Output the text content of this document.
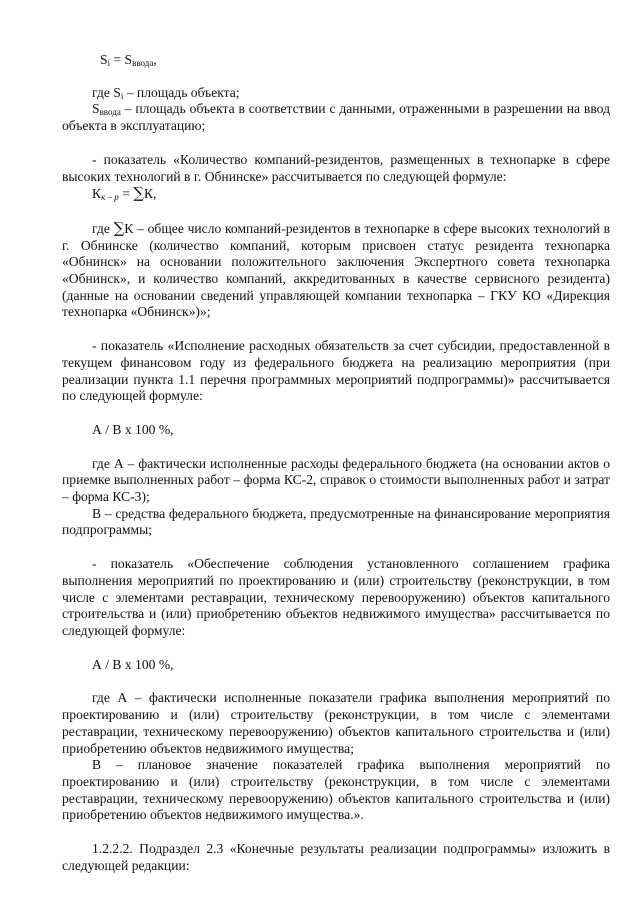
$S_i = S_{ввода}$,

где $S_i$ – площадь объекта;

$S_{ввода}$ – площадь объекта в соответствии с данными, отраженными в разрешении на ввод объекта в эксплуатацию;

- показатель «Количество компаний-резидентов, размещенных в технопарке в сфере высоких технологий в г. Обнинске» рассчитывается по следующей формуле:

$К_{к - р} = \sum К$,

где ∑К – общее число компаний-резидентов в технопарке в сфере высоких технологий в г. Обнинске (количество компаний, которым присвоен статус резидента технопарка «Обнинск» на основании положительного заключения Экспертного совета технопарка «Обнинск», и количество компаний, аккредитованных в качестве сервисного резидента) (данные на основании сведений управляющей компании технопарка – ГКУ КО «Дирекция технопарка «Обнинск»)»;

- показатель «Исполнение расходных обязательств за счет субсидии, предоставленной в текущем финансовом году из федерального бюджета на реализацию мероприятия (при реализации пункта 1.1 перечня программных мероприятий подпрограммы)» рассчитывается по следующей формуле:

А / В х 100 %,

где А – фактически исполненные расходы федерального бюджета (на основании актов о приемке выполненных работ – форма КС-2, справок о стоимости выполненных работ и затрат – форма КС-3);

В – средства федерального бюджета, предусмотренные на финансирование мероприятия подпрограммы;

- показатель «Обеспечение соблюдения установленного соглашением графика выполнения мероприятий по проектированию и (или) строительству (реконструкции, в том числе с элементами реставрации, техническому перевооружению) объектов капитального строительства и (или) приобретению объектов недвижимого имущества» рассчитывается по следующей формуле:

А / В х 100 %,

где А – фактически исполненные показатели графика выполнения мероприятий по проектированию и (или) строительству (реконструкции, в том числе с элементами реставрации, техническому перевооружению) объектов капитального строительства и (или) приобретению объектов недвижимого имущества;

В – плановое значение показателей графика выполнения мероприятий по проектированию и (или) строительству (реконструкции, в том числе с элементами реставрации, техническому перевооружению) объектов капитального строительства и (или) приобретению объектов недвижимого имущества.».

1.2.2.2. Подраздел 2.3 «Конечные результаты реализации подпрограммы» изложить в следующей редакции:
